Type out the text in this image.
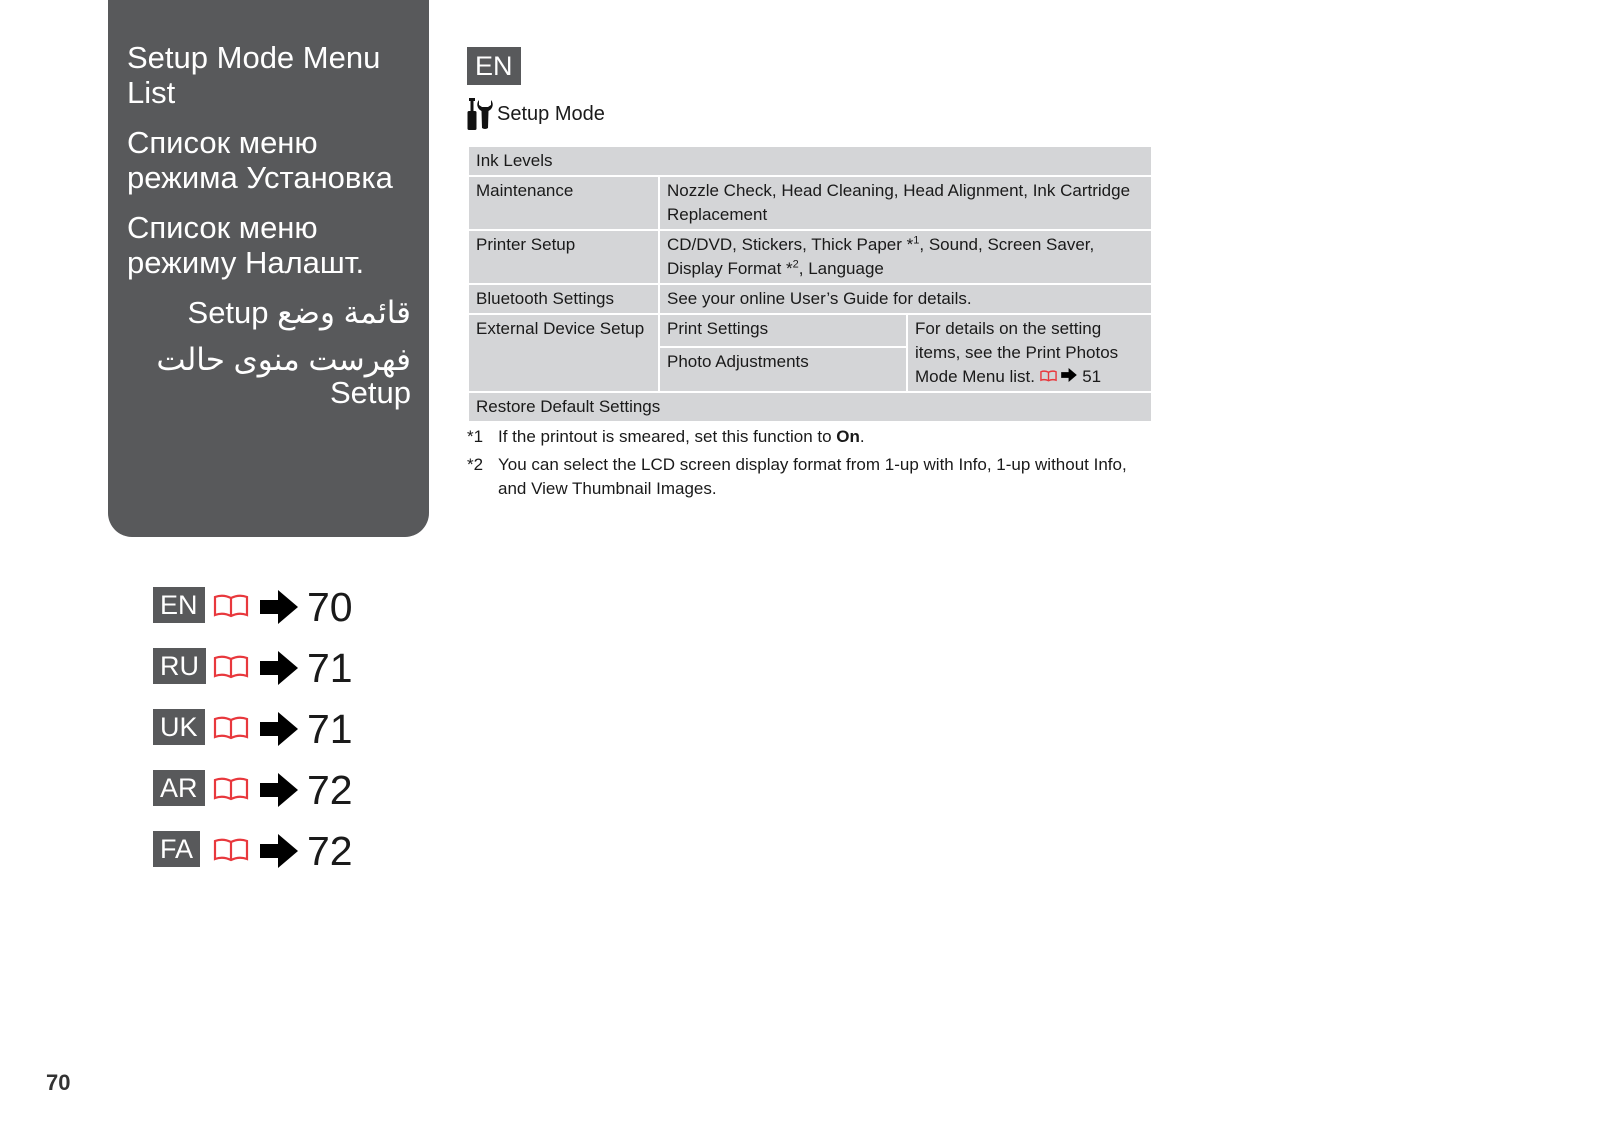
Setup Mode Menu List
Список меню режима Установка
Список меню режиму Налашт.
قائمة وضع Setup
فهرست منوی حالت Setup
EN	70
RU	71
UK	71
AR	72
FA	72
EN
Setup Mode
Ink Levels		
Maintenance	Nozzle Check, Head Cleaning, Head Alignment, Ink Cartridge Replacement	
Printer Setup	CD/DVD, Stickers, Thick Paper *$^1$, Sound, Screen Saver, Display Format *$^2$, Language	
Bluetooth Settings	See your online User’s Guide for details.	
External Device Setup	Print Settings	For details on the setting items, see the Print Photos Mode Menu list. 51
	Photo Adjustments	
Restore Default Settings		
*1 If the printout is smeared, set this function to On.
*2 You can select the LCD screen display format from 1-up with Info, 1-up without Info, and View Thumbnail Images.
70
